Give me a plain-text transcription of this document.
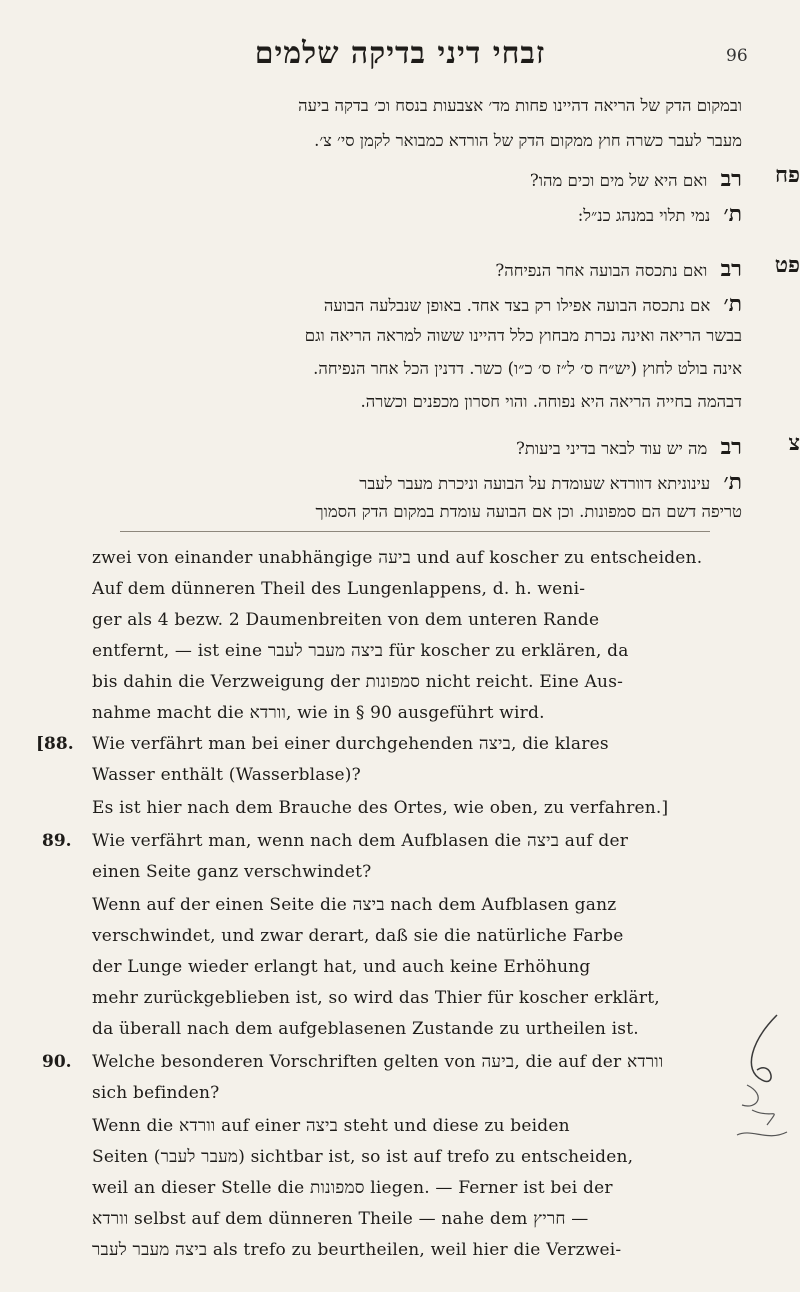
זבחי דיני בדיקה שלמים	96
ובמקום הדק של הריאה דהיינו פחות מד׳ אצבעות בנסח וכ׳ בדקה ביעה
מעבר לעבר כשרה חוץ ממקום הדק של הורדא כמבואר לקמן סי׳ צ׳.
פח
רב ואם היא של מים וכים מהו?
ת׳ נמי תלוי במנהג כנ״ל:
פט
רב ואם נתכסה הבועה אחר הנפיחה?
ת׳ אם נתכסה הבועה אפילו רק בצד אחד. באופן שנבלעה הבועה
בבשר הריאה ואינה נכרת מבחוץ כלל דהיינו ששוה למראה הריאה וגם
אינה בולט לחוץ (יש״ח ס׳ ל״ז ס׳ כ״ו) כשר. דדנין הכל אחר הנפיחה.
דבהמה בחייה הריאה היא נפוחה. והוי חסרון מכפנים וכשרה.
צ
רב מה יש עוד לבאר בדיני ביעות?
ת׳ עינוניתא דוורדא שעומדת על הבועה וניכרת מעבר לעבר
טריפה דשם הם סמפונות. וכן אם הבועה עומדת במקום הדק הסמוך
zwei von einander unabhängige ביעה und auf koscher zu entscheiden.
Auf dem dünneren Theil des Lungenlappens, d. h. weni-
ger als 4 bezw. 2 Daumenbreiten von dem unteren Rande
entfernt, — ist eine ביצה מעבר לעבר für koscher zu erklären, da
bis dahin die Verzweigung der סמפונות nicht reicht. Eine Aus-
nahme macht die וורדא, wie in § 90 ausgeführt wird.
[88. Wie verfährt man bei einer durchgehenden ביצה, die klares
Wasser enthält (Wasserblase)?
Es ist hier nach dem Brauche des Ortes, wie oben, zu verfahren.]
89. Wie verfährt man, wenn nach dem Aufblasen die ביצה auf der
einen Seite ganz verschwindet?
Wenn auf der einen Seite die ביצה nach dem Aufblasen ganz
verschwindet, und zwar derart, daß sie die natürliche Farbe
der Lunge wieder erlangt hat, und auch keine Erhöhung
mehr zurückgeblieben ist, so wird das Thier für koscher erklärt,
da überall nach dem aufgeblasenen Zustande zu urtheilen ist.
90. Welche besonderen Vorschriften gelten von ביעה, die auf der וורדא
sich befinden?
Wenn die וורדא auf einer ביצה steht und diese zu beiden
Seiten (מעבר לעבר) sichtbar ist, so ist auf trefo zu entscheiden,
weil an dieser Stelle die סמפונות liegen. — Ferner ist bei der
וורדא selbst auf dem dünneren Theile — nahe dem חריץ —
ביצה מעבר לעבר als trefo zu beurtheilen, weil hier die Verzwei-
